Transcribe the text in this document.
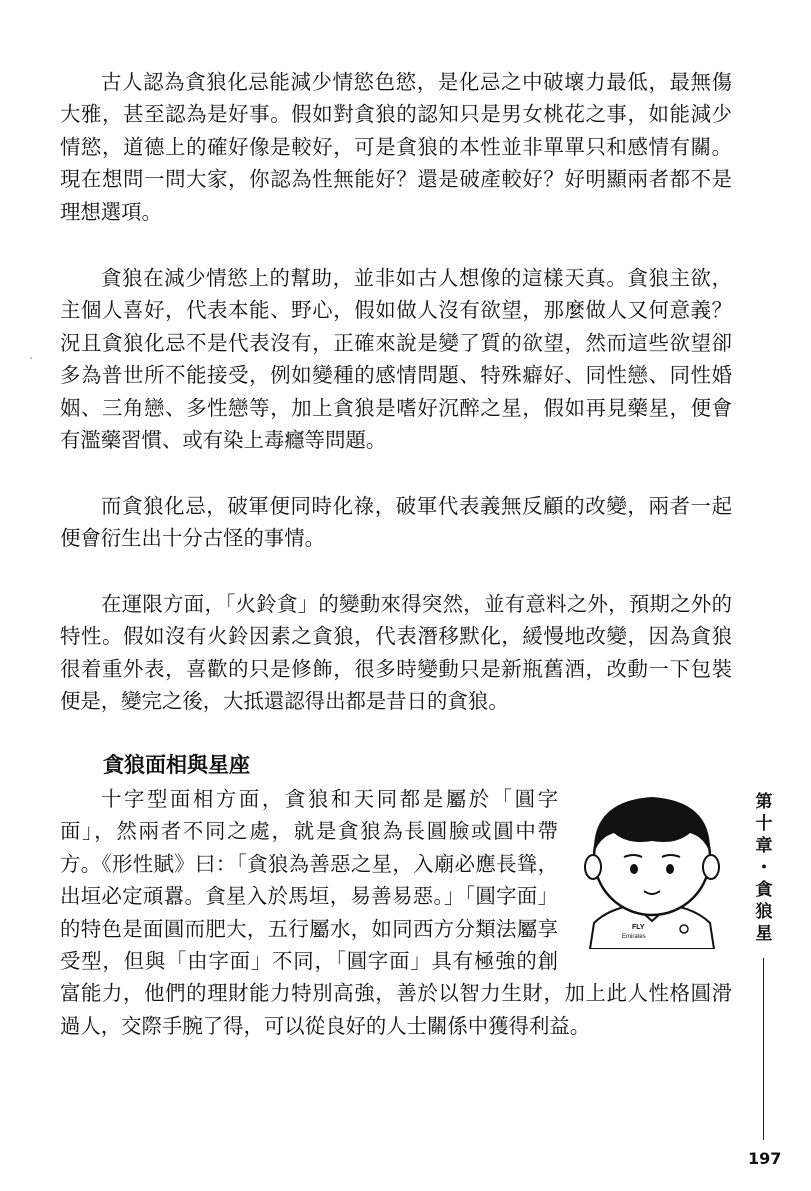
古人認為貪狼化忌能減少情慾色慾，是化忌之中破壞力最低，最無傷大雅，甚至認為是好事。假如對貪狼的認知只是男女桃花之事，如能減少情慾，道德上的確好像是較好，可是貪狼的本性並非單單只和感情有關。現在想問一問大家，你認為性無能好？還是破產較好？好明顯兩者都不是理想選項。

貪狼在減少情慾上的幫助，並非如古人想像的這樣天真。貪狼主欲，主個人喜好，代表本能、野心，假如做人沒有欲望，那麼做人又何意義？況且貪狼化忌不是代表沒有，正確來說是變了質的欲望，然而這些欲望卻多為普世所不能接受，例如變種的感情問題、特殊癖好、同性戀、同性婚姻、三角戀、多性戀等，加上貪狼是嗜好沉醉之星，假如再見藥星，便會有濫藥習慣、或有染上毒癮等問題。

而貪狼化忌，破軍便同時化祿，破軍代表義無反顧的改變，兩者一起便會衍生出十分古怪的事情。

在運限方面，「火鈴貪」的變動來得突然，並有意料之外，預期之外的特性。假如沒有火鈴因素之貪狼，代表潛移默化，緩慢地改變，因為貪狼很着重外表，喜歡的只是修飾，很多時變動只是新瓶舊酒，改動一下包裝便是，變完之後，大抵還認得出都是昔日的貪狼。

貪狼面相與星座
FLY
Emirates
十字型面相方面，貪狼和天同都是屬於「圓字面」，然兩者不同之處，就是貪狼為長圓臉或圓中帶方。《形性賦》曰：「貪狼為善惡之星，入廟必應長聳，出垣必定頑囂。貪星入於馬垣，易善易惡。」「圓字面」的特色是面圓而肥大，五行屬水，如同西方分類法屬享受型，但與「由字面」不同，「圓字面」具有極強的創富能力，他們的理財能力特別高強，善於以智力生財，加上此人性格圓滑過人，交際手腕了得，可以從良好的人士關係中獲得利益。
第
十
章
・
貪
狼
星
197
